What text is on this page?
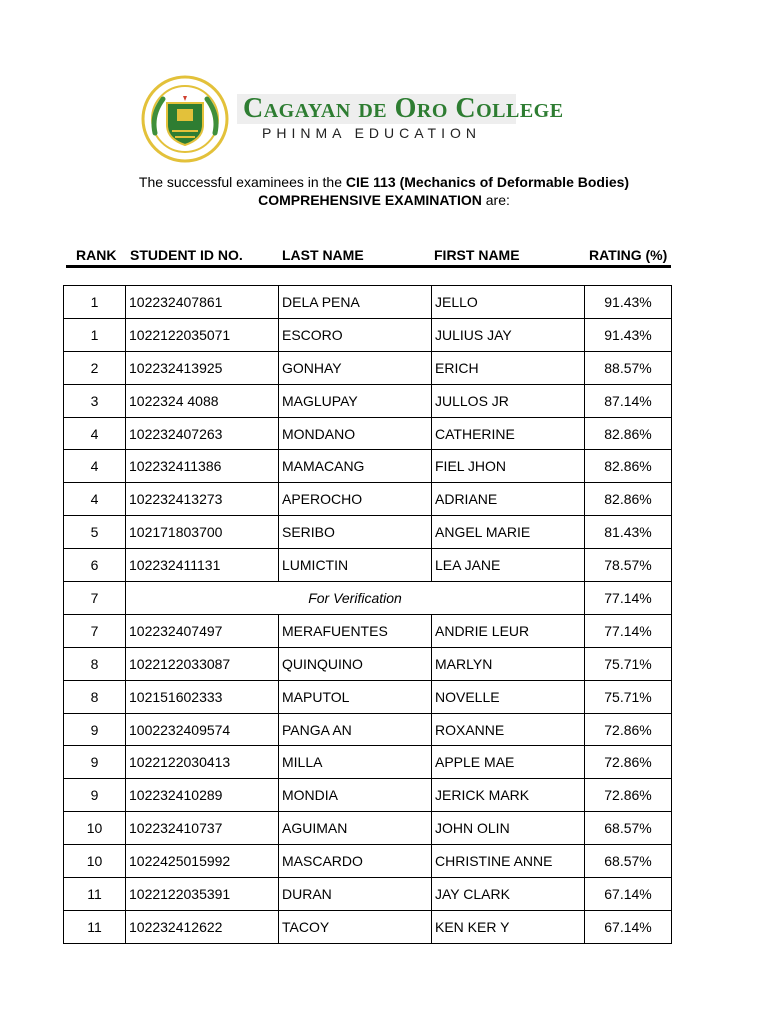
Cagayan de Oro College
PHINMA EDUCATION
The successful examinees in the CIE 113 (Mechanics of Deformable Bodies)
COMPREHENSIVE EXAMINATION are:
RANK STUDENT ID NO.	LAST NAME	FIRST NAME	RATING (%)
1	102232407861	DELA PENA	JELLO	91.43%
1	1022122035071	ESCORO	JULIUS JAY	91.43%
2	102232413925	GONHAY	ERICH	88.57%
3	1022324 4088	MAGLUPAY	JULLOS JR	87.14%
4	102232407263	MONDANO	CATHERINE	82.86%
4	102232411386	MAMACANG	FIEL JHON	82.86%
4	102232413273	APEROCHO	ADRIANE	82.86%
5	102171803700	SERIBO	ANGEL MARIE	81.43%
6	102232411131	LUMICTIN	LEA JANE	78.57%
7	For Verification			77.14%
7	102232407497	MERAFUENTES	ANDRIE LEUR	77.14%
8	1022122033087	QUINQUINO	MARLYN	75.71%
8	102151602333	MAPUTOL	NOVELLE	75.71%
9	1002232409574	PANGA AN	ROXANNE	72.86%
9	1022122030413	MILLA	APPLE MAE	72.86%
9	102232410289	MONDIA	JERICK MARK	72.86%
10	102232410737	AGUIMAN	JOHN OLIN	68.57%
10	1022425015992	MASCARDO	CHRISTINE ANNE	68.57%
11	1022122035391	DURAN	JAY CLARK	67.14%
11	102232412622	TACOY	KEN KER Y	67.14%
